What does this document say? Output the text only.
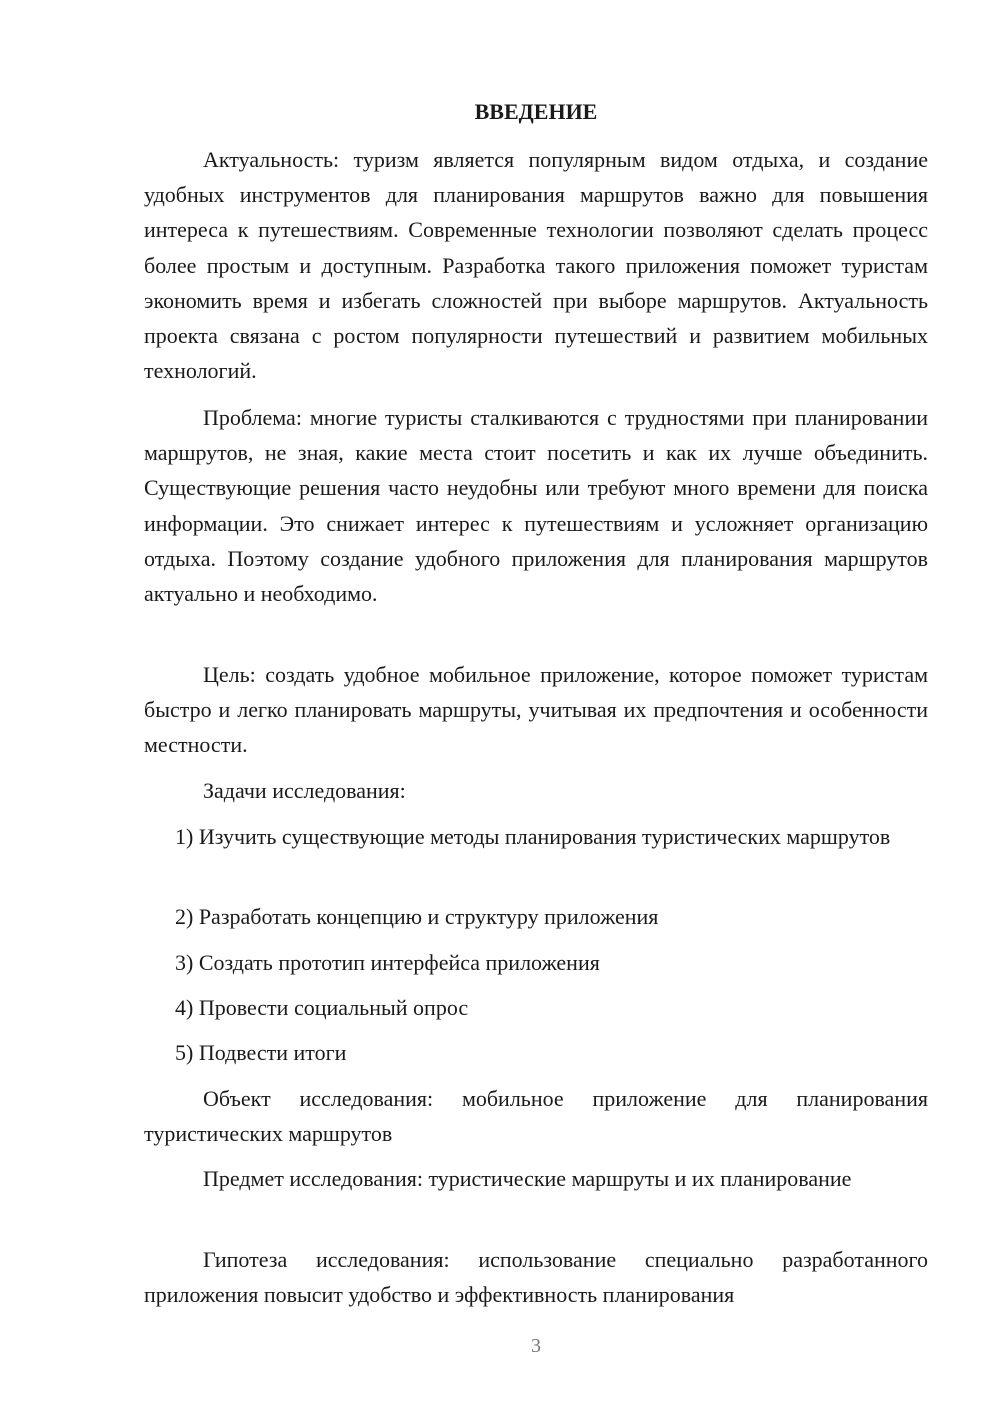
ВВЕДЕНИЕ

Актуальность: туризм является популярным видом отдыха, и создание удобных инструментов для планирования маршрутов важно для повышения интереса к путешествиям. Современные технологии позволяют сделать процесс более простым и доступным. Разработка такого приложения поможет туристам экономить время и избегать сложностей при выборе маршрутов. Актуальность проекта связана с ростом популярности путешествий и развитием мобильных технологий.

Проблема: многие туристы сталкиваются с трудностями при планировании маршрутов, не зная, какие места стоит посетить и как их лучше объединить. Существующие решения часто неудобны или требуют много времени для поиска информации. Это снижает интерес к путешествиям и усложняет организацию отдыха. Поэтому создание удобного приложения для планирования маршрутов актуально и необходимо.

Цель: создать удобное мобильное приложение, которое поможет туристам быстро и легко планировать маршруты, учитывая их предпочтения и особенности местности.

Задачи исследования:

1) Изучить существующие методы планирования туристических маршрутов

2) Разработать концепцию и структуру приложения

3) Создать прототип интерфейса приложения

4) Провести социальный опрос

5) Подвести итоги

Объект исследования: мобильное приложение для планирования туристических маршрутов

Предмет исследования: туристические маршруты и их планирование

Гипотеза исследования: использование специально разработанного приложения повысит удобство и эффективность планирования

3
